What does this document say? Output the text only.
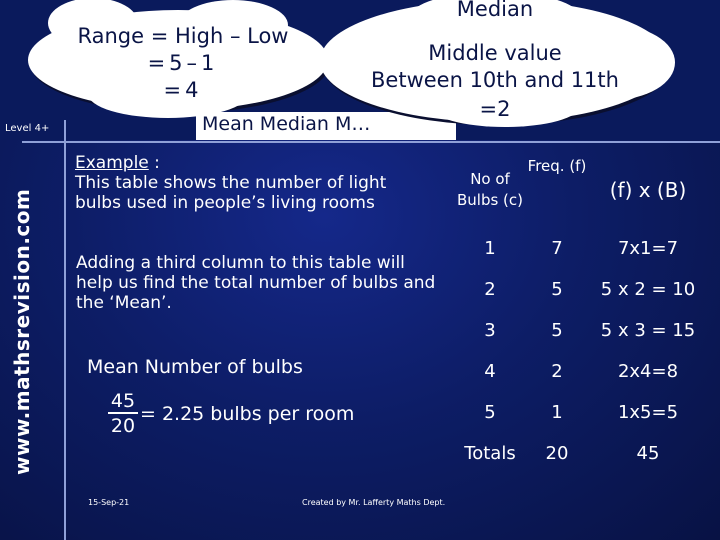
Level 4+
www.mathsrevision.com
Mean Median M…
Range = High – Low
=5–1
=4
Median
Middle value
Between 10th and 11th
=2
Example :
This table shows the number of light bulbs used in people’s living rooms
Adding a third column to this table will help us find the total number of bulbs and the ‘Mean’.
Mean Number of bulbs
$\frac{45}{20} = 2.25$ bulbs per room
No of Bulbs (c)	Freq. (f)	(f) x (B)
1	7	7x1=7
2	5	5 x 2 = 10
3	5	5 x 3 = 15
4	2	2x4=8
5	1	1x5=5
Totals	20	45
15-Sep-21	Created by Mr. Lafferty Maths Dept.
